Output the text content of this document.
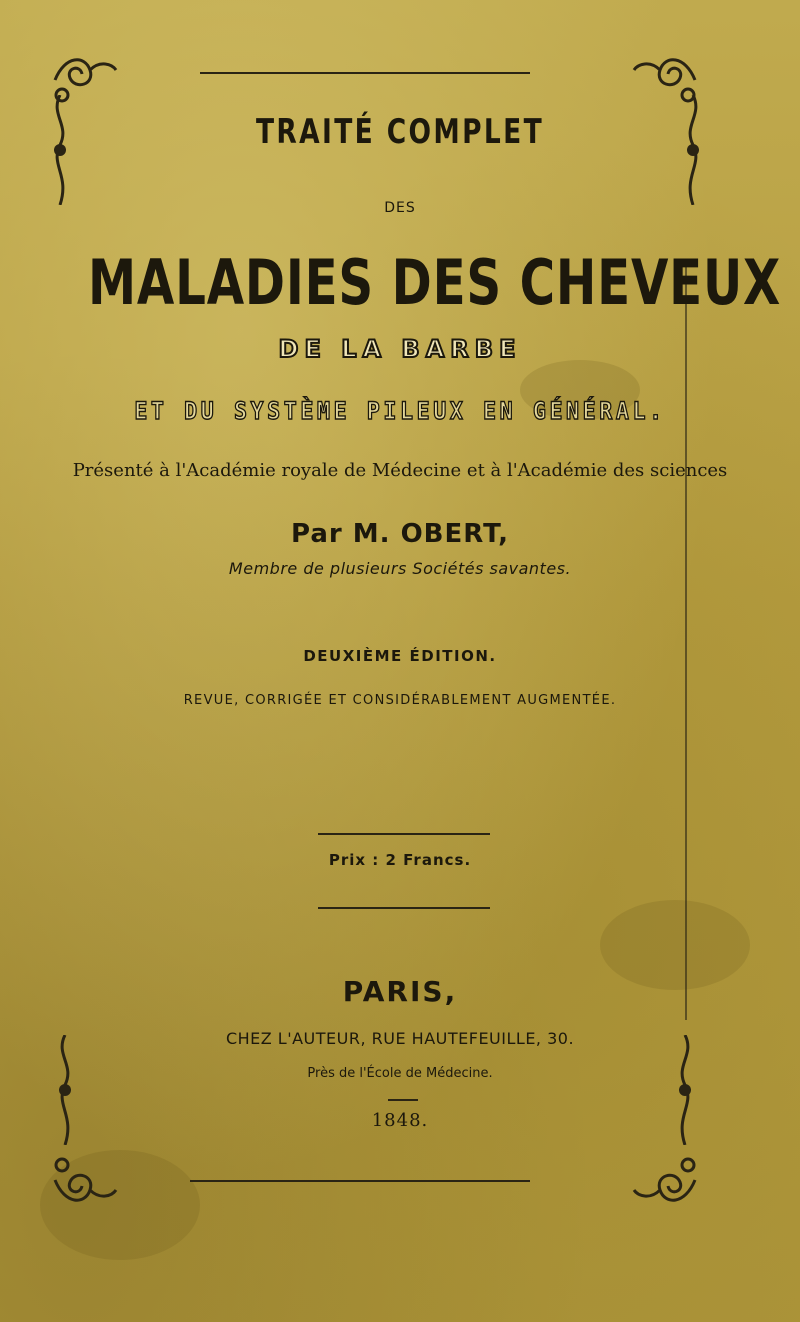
TRAITÉ COMPLET
DES
MALADIES DES CHEVEUX
DE LA BARBE
ET DU SYSTÈME PILEUX EN GÉNÉRAL.
Présenté à l'Académie royale de Médecine et à l'Académie des sciences
Par M. OBERT,
Membre de plusieurs Sociétés savantes.
DEUXIÈME ÉDITION.
REVUE, CORRIGÉE ET CONSIDÉRABLEMENT AUGMENTÉE.
Prix : 2 Francs.
PARIS,
CHEZ L'AUTEUR, RUE HAUTEFEUILLE, 30.
Près de l'École de Médecine.
1848.
